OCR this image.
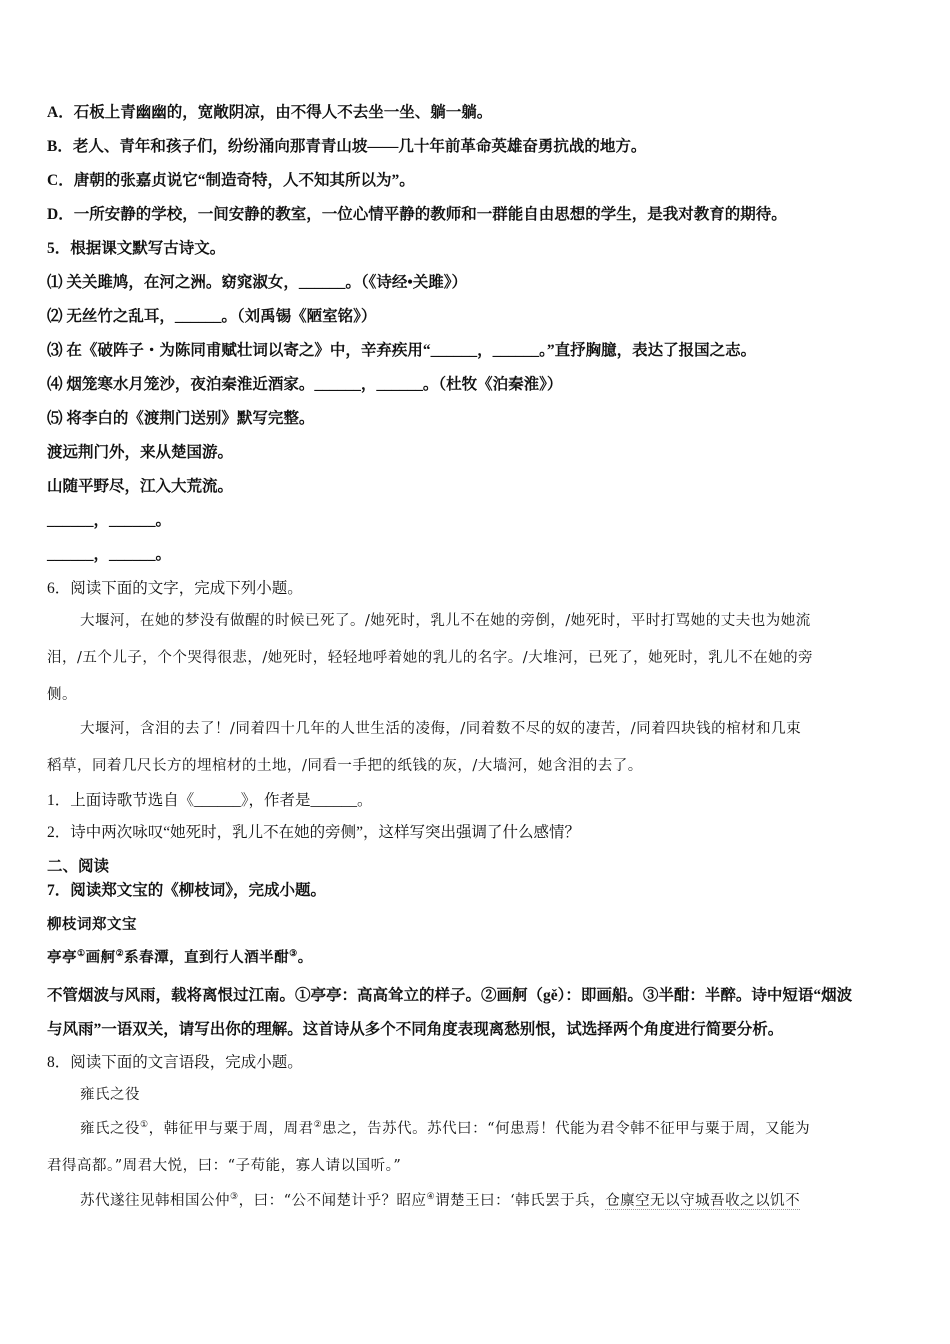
A．石板上青幽幽的，宽敞阴凉，由不得人不去坐一坐、躺一躺。
B．老人、青年和孩子们，纷纷涌向那青青山坡——几十年前革命英雄奋勇抗战的地方。
C．唐朝的张嘉贞说它“制造奇特，人不知其所以为”。
D．一所安静的学校，一间安静的教室，一位心情平静的教师和一群能自由思想的学生，是我对教育的期待。
5．根据课文默写古诗文。
⑴ 关关雎鸠，在河之洲。窈窕淑女，______。（《诗经•关雎》）
⑵ 无丝竹之乱耳，______。（刘禹锡《陋室铭》）
⑶ 在《破阵子・为陈同甫赋壮词以寄之》中，辛弃疾用“______，______。”直抒胸臆，表达了报国之志。
⑷ 烟笼寒水月笼沙，夜泊秦淮近酒家。______，______。（杜牧《泊秦淮》）
⑸ 将李白的《渡荆门送别》默写完整。
渡远荆门外，来从楚国游。
山随平野尽，江入大荒流。
______，______。
______，______。
6．阅读下面的文字，完成下列小题。
大堰河，在她的梦没有做醒的时候已死了。/她死时，乳儿不在她的旁倒，/她死时，平时打骂她的丈夫也为她流
泪，/五个儿子，个个哭得很悲，/她死时，轻轻地呼着她的乳儿的名字。/大堆河，已死了，她死时，乳儿不在她的旁
侧。
大堰河，含泪的去了！/同着四十几年的人世生活的凌侮，/同着数不尽的奴的凄苦，/同着四块钱的棺材和几束
稻草，同着几尺长方的埋棺材的土地，/同看一手把的纸钱的灰，/大墙河，她含泪的去了。
1．上面诗歌节选自《______》，作者是______。
2．诗中两次咏叹“她死时，乳儿不在她的旁侧”，这样写突出强调了什么感情？
二、阅读
7．阅读郑文宝的《柳枝词》，完成小题。
柳枝词郑文宝
亭亭①画舸②系春潭，直到行人酒半酣③。
不管烟波与风雨，载将离恨过江南。①亭亭：高高耸立的样子。②画舸（gě）：即画船。③半酣：半醉。诗中短语“烟波
与风雨”一语双关，请写出你的理解。这首诗从多个不同角度表现离愁别恨，试选择两个角度进行简要分析。
8．阅读下面的文言语段，完成小题。
雍氏之役
雍氏之役①，韩征甲与粟于周，周君②患之，告苏代。苏代曰：“何患焉！代能为君令韩不征甲与粟于周，又能为
君得高都。”周君大悦，曰：“子苟能，寡人请以国听。”
苏代遂往见韩相国公仲③，曰：“公不闻楚计乎？昭应④谓楚王曰：‘韩氏罢于兵，仓廪空无以守城吾收之以饥不
